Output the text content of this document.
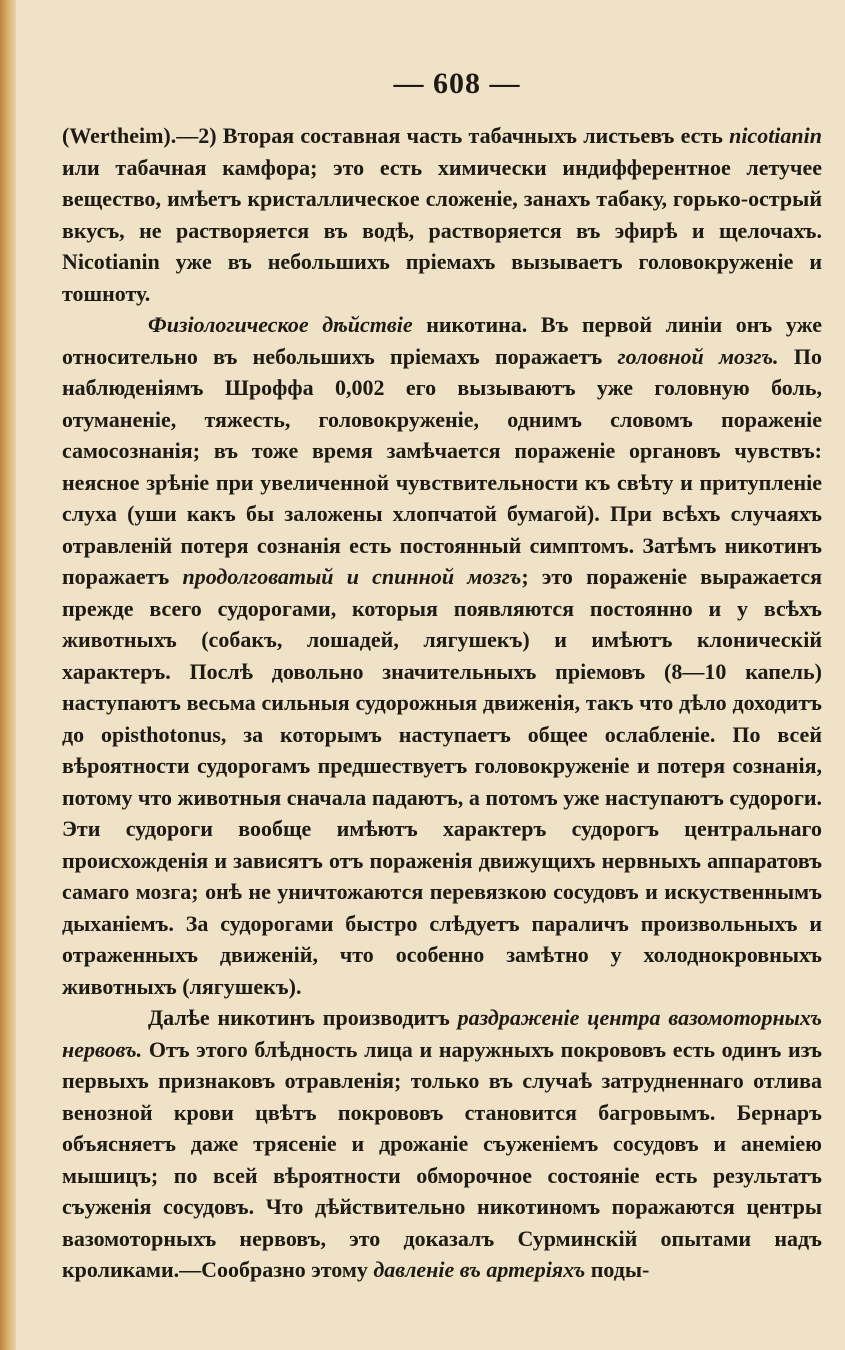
— 608 —

(Wertheim).—2) Вторая составная часть табачныхъ листьевъ есть nicotianin или табачная камфора; это есть химически индифферентное летучее вещество, имѣетъ кристаллическое сложеніе, занахъ табаку, горько-острый вкусъ, не растворяется въ водѣ, растворяется въ эфирѣ и щелочахъ. Nicotianin уже въ небольшихъ пріемахъ вызываетъ головокруженіе и тошноту.

Физіологическое дѣйствіе никотина. Въ первой линіи онъ уже относительно въ небольшихъ пріемахъ поражаетъ головной мозгъ. По наблюденіямъ Шроффа 0,002 его вызываютъ уже головную боль, отуманеніе, тяжесть, головокруженіе, однимъ словомъ пораженіе самосознанія; въ тоже время замѣчается пораженіе органовъ чувствъ: неясное зрѣніе при увеличенной чувствительности къ свѣту и притупленіе слуха (уши какъ бы заложены хлопчатой бумагой). При всѣхъ случаяхъ отравленій потеря сознанія есть постоянный симптомъ. Затѣмъ никотинъ поражаетъ продолговатый и спинной мозгъ; это пораженіе выражается прежде всего судорогами, которыя появляются постоянно и у всѣхъ животныхъ (собакъ, лошадей, лягушекъ) и имѣютъ клоническій характеръ. Послѣ довольно значительныхъ пріемовъ (8—10 капель) наступаютъ весьма сильныя судорожныя движенія, такъ что дѣло доходитъ до opisthotonus, за которымъ наступаетъ общее ослабленіе. По всей вѣроятности судорогамъ предшествуетъ головокруженіе и потеря сознанія, потому что животныя сначала падаютъ, а потомъ уже наступаютъ судороги. Эти судороги вообще имѣютъ характеръ судорогъ центральнаго происхожденія и зависятъ отъ пораженія движущихъ нервныхъ аппаратовъ самаго мозга; онѣ не уничтожаются перевязкою сосудовъ и искуственнымъ дыханіемъ. За судорогами быстро слѣдуетъ параличъ произвольныхъ и отраженныхъ движеній, что особенно замѣтно у холоднокровныхъ животныхъ (лягушекъ).

Далѣе никотинъ производитъ раздраженіе центра вазомоторныхъ нервовъ. Отъ этого блѣдность лица и наружныхъ покрововъ есть одинъ изъ первыхъ признаковъ отравленія; только въ случаѣ затрудненнаго отлива венозной крови цвѣтъ покрововъ становится багровымъ. Бернаръ объясняетъ даже трясеніе и дрожаніе съуженіемъ сосудовъ и анеміею мышицъ; по всей вѣроятности обморочное состояніе есть результатъ съуженія сосудовъ. Что дѣйствительно никотиномъ поражаются центры вазомоторныхъ нервовъ, это доказалъ Сурминскій опытами надъ кроликами.—Сообразно этому давленіе въ артеріяхъ поды-
